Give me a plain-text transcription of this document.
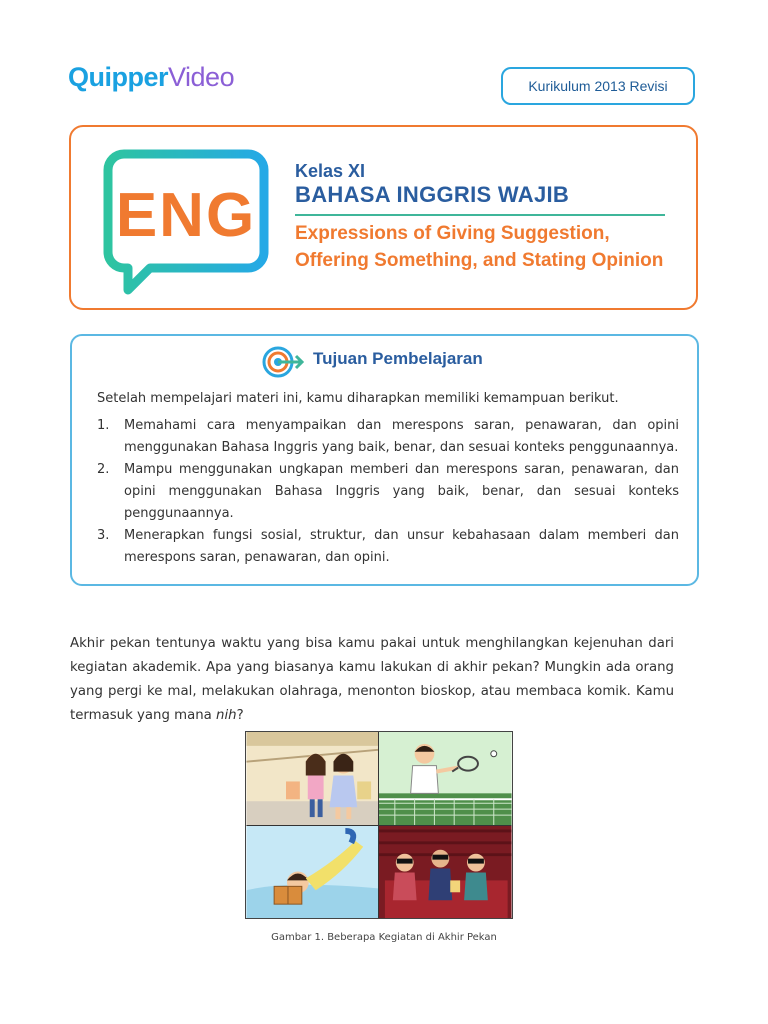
QuipperVideo	Kurikulum 2013 Revisi
ENG
Kelas XI
BAHASA INGGRIS WAJIB
Expressions of Giving Suggestion, Offering Something, and Stating Opinion
Tujuan Pembelajaran
Setelah mempelajari materi ini, kamu diharapkan memiliki kemampuan berikut.
1. Memahami cara menyampaikan dan merespons saran, penawaran, dan opini menggunakan Bahasa Inggris yang baik, benar, dan sesuai konteks penggunaannya.
2. Mampu menggunakan ungkapan memberi dan merespons saran, penawaran, dan opini menggunakan Bahasa Inggris yang baik, benar, dan sesuai konteks penggunaannya.
3. Menerapkan fungsi sosial, struktur, dan unsur kebahasaan dalam memberi dan merespons saran, penawaran, dan opini.

Akhir pekan tentunya waktu yang bisa kamu pakai untuk menghilangkan kejenuhan dari kegiatan akademik. Apa yang biasanya kamu lakukan di akhir pekan? Mungkin ada orang yang pergi ke mal, melakukan olahraga, menonton bioskop, atau membaca komik. Kamu termasuk yang mana nih?

Gambar 1. Beberapa Kegiatan di Akhir Pekan
